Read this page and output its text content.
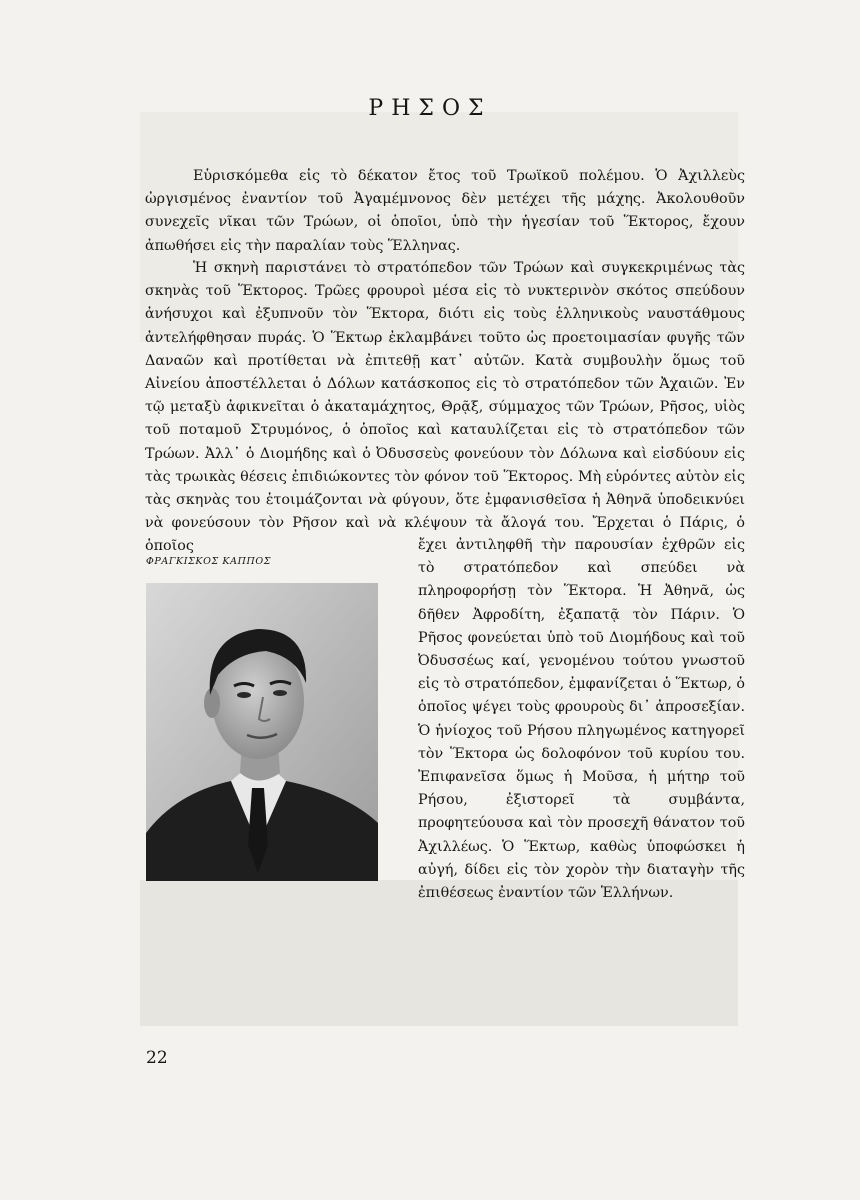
ΡΗΣΟΣ

Εὑρισκόμεθα εἰς τὸ δέκατον ἔτος τοῦ Τρωϊκοῦ πολέμου. Ὁ Ἀχιλλεὺς ὠργισμένος ἐναντίον τοῦ Ἀγαμέμνονος δὲν μετέχει τῆς μάχης. Ἀκολουθοῦν συνεχεῖς νῖκαι τῶν Τρώων, οἱ ὁποῖοι, ὑπὸ τὴν ἡγεσίαν τοῦ Ἕκτορος, ἔχουν ἀπωθήσει εἰς τὴν παραλίαν τοὺς Ἕλληνας.

Ἡ σκηνὴ παριστάνει τὸ στρατόπεδον τῶν Τρώων καὶ συγκεκριμένως τὰς σκηνὰς τοῦ Ἕκτορος. Τρῶες φρουροὶ μέσα εἰς τὸ νυκτερινὸν σκότος σπεύδουν ἀνήσυχοι καὶ ἐξυπνοῦν τὸν Ἕκτορα, διότι εἰς τοὺς ἑλληνικοὺς ναυστάθμους ἀντελήφθησαν πυράς. Ὁ Ἕκτωρ ἐκλαμβάνει τοῦτο ὡς προετοιμασίαν φυγῆς τῶν Δαναῶν καὶ προτίθεται νὰ ἐπιτεθῇ κατ᾽ αὐτῶν. Κατὰ συμβουλὴν ὅμως τοῦ Αἰνείου ἀποστέλλεται ὁ Δόλων κατάσκοπος εἰς τὸ στρατόπεδον τῶν Ἀχαιῶν. Ἐν τῷ μεταξὺ ἀφικνεῖται ὁ ἀκαταμάχητος, Θρᾷξ, σύμμαχος τῶν Τρώων, Ρῆσος, υἱὸς τοῦ ποταμοῦ Στρυμόνος, ὁ ὁποῖος καὶ καταυλίζεται εἰς τὸ στρατόπεδον τῶν Τρώων. Ἀλλ᾽ ὁ Διομήδης καὶ ὁ Ὀδυσσεὺς φονεύουν τὸν Δόλωνα καὶ εἰσδύουν εἰς τὰς τρωικὰς θέσεις ἐπιδιώκοντες τὸν φόνον τοῦ Ἕκτορος. Μὴ εὑρόντες αὐτὸν εἰς τὰς σκηνὰς του ἑτοιμάζονται νὰ φύγουν, ὅτε ἐμφανισθεῖσα ἡ Ἀθηνᾶ ὑποδεικνύει νὰ φονεύσουν τὸν Ρῆσον καὶ νὰ κλέψουν τὰ ἄλογά του. Ἔρχεται ὁ Πάρις, ὁ ὁποῖος	ἔχει ἀντιληφθῆ τὴν παρουσίαν ἐχθρῶν εἰς τὸ στρατόπεδον καὶ σπεύδει νὰ πληροφορήσῃ τὸν Ἕκτορα. Ἡ Ἀθηνᾶ, ὡς δῆθεν Ἀφροδίτη, ἐξαπατᾷ τὸν Πάριν. Ὁ Ρῆσος φονεύεται ὑπὸ τοῦ Διομήδους καὶ τοῦ Ὀδυσσέως καί, γενομένου τούτου γνωστοῦ εἰς τὸ στρατόπεδον, ἐμφανίζεται ὁ Ἕκτωρ, ὁ ὁποῖος ψέγει τοὺς φρουροὺς δι᾽ ἀπροσεξίαν. Ὁ ἡνίοχος τοῦ Ρήσου πληγωμένος κατηγορεῖ τὸν Ἕκτορα ὡς δολοφόνον τοῦ κυρίου του. Ἐπιφανεῖσα ὅμως ἡ Μοῦσα, ἡ μήτηρ τοῦ Ρήσου, ἐξιστορεῖ τὰ συμβάντα, προφητεύουσα καὶ τὸν προσεχῆ θάνατον τοῦ Ἀχιλλέως. Ὁ Ἕκτωρ, καθὼς ὑποφώσκει ἡ αὐγή, δίδει εἰς τὸν χορὸν τὴν διαταγὴν τῆς ἐπιθέσεως ἐναντίον τῶν Ἑλλήνων.

ΦΡΑΓΚΙΣΚΟΣ ΚΑΠΠΟΣ
22
